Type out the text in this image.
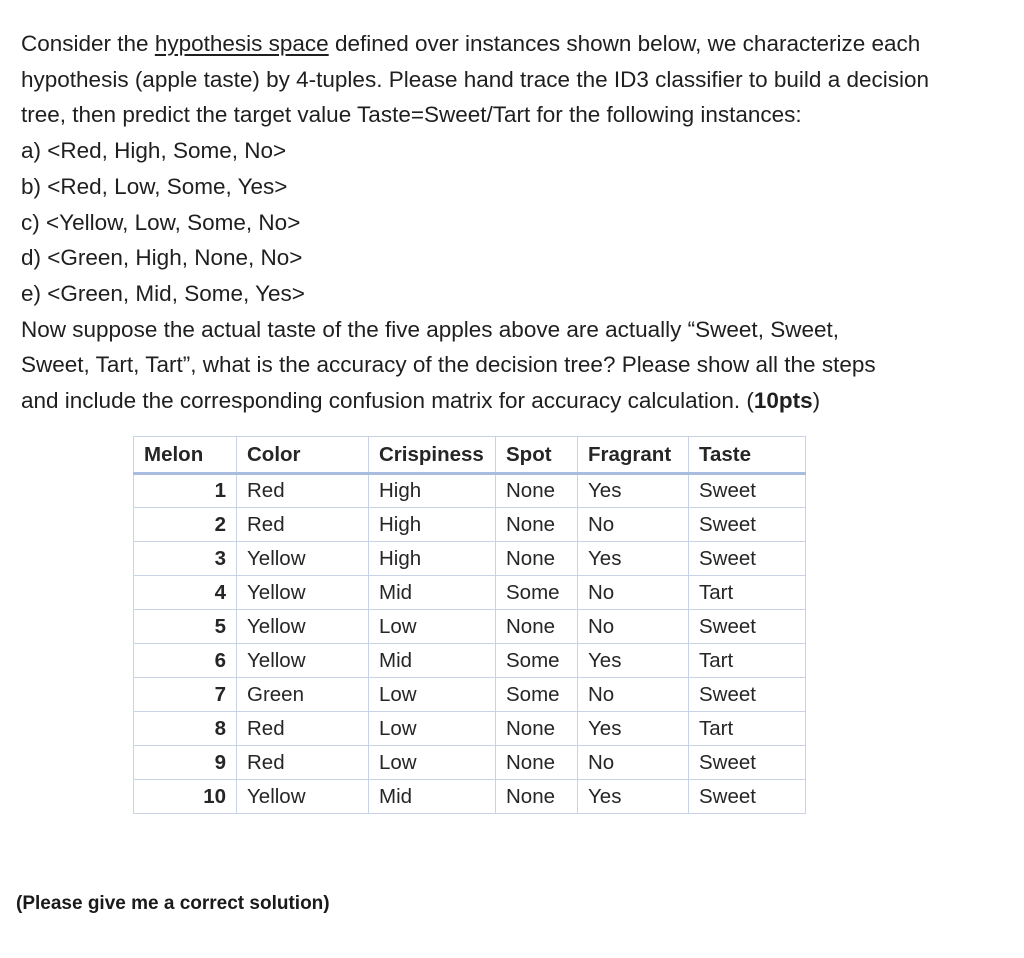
Consider the hypothesis space defined over instances shown below, we characterize each

hypothesis (apple taste) by 4-tuples. Please hand trace the ID3 classifier to build a decision

tree, then predict the target value Taste=Sweet/Tart for the following instances:

a) <Red, High, Some, No>

b) <Red, Low, Some, Yes>

c) <Yellow, Low, Some, No>

d) <Green, High, None, No>

e) <Green, Mid, Some, Yes>

Now suppose the actual taste of the five apples above are actually “Sweet, Sweet,

Sweet, Tart, Tart”, what is the accuracy of the decision tree? Please show all the steps

and include the corresponding confusion matrix for accuracy calculation. (10pts)

Melon	Color	Crispiness	Spot	Fragrant	Taste
1	Red	High	None	Yes	Sweet
2	Red	High	None	No	Sweet
3	Yellow	High	None	Yes	Sweet
4	Yellow	Mid	Some	No	Tart
5	Yellow	Low	None	No	Sweet
6	Yellow	Mid	Some	Yes	Tart
7	Green	Low	Some	No	Sweet
8	Red	Low	None	Yes	Tart
9	Red	Low	None	No	Sweet
10	Yellow	Mid	None	Yes	Sweet
(Please give me a correct solution)
